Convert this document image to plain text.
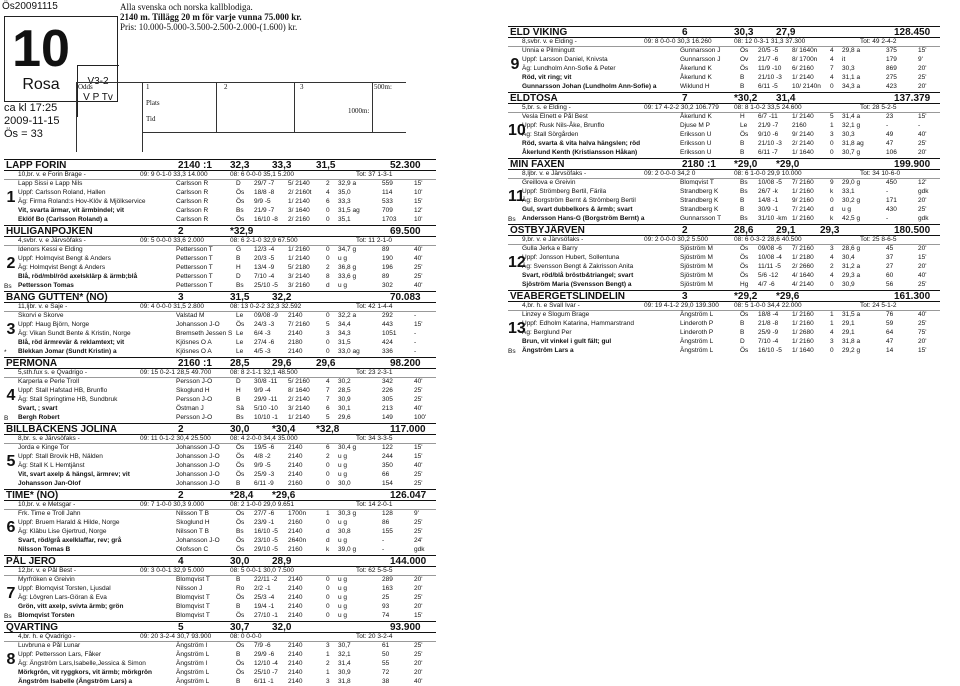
Ös20091115
10
Rosa
V P Tv
ca kl 17:25
2009-11-15
Ös = 33
Alla svenska och norska kallblodiga.
2140 m. Tillägg 20 m för varje vunna 75.000 kr.
Pris: 10.000-5.000-3.500-2.500-2.000-(1.600) kr.
Odds	1	2	3	500m:
Plats
Tid
1000m:
LAPP FORIN	2140 :1 32,3 33,3 31,5	52.300
10,br. v. e Forin Brage -	09: 9 0-1-0 33,3 14.000	08: 6 0-0-0 35,1 5.200	Tot: 37 1-3-1
1
Lapp Sissi e Lapp Nils	Carlsson R	D 29/7 -7 5/ 2140	2 32,9 a	559	15'
Uppf: Carlsson Roland, Hallen	Carlsson R	Ös 18/8 -8 2/ 2160t 4 35,0	114	10'
Äg: Firma Roland:s Hov-Klöv & Mjölkservice	Carlsson R	Ös 9/9 -5	1/ 2140	6 33,3	533	15'
Vit, svarta ärmar, vit ärmbindel; vit	Carlsson R	Bs 21/9 -7 3/ 1640	0 31,5 ag	709	12'
Eklöf Bo (Carlsson Roland) a	Carlsson R	Ös 16/10 -8 2/ 2160	0 35,1	1703	10'
HULIGANPOJKEN	2	*32,9	69.500
4,svbr. v. e Järvsöfaks -	09: 5 0-0-0 33,6 2.000	08: 6 2-1-0 32,9 67.500	Tot: 11 2-1-0
2
Idenors Kessi e Elding	Pettersson T	G 12/3 -4 1/ 2160	0 34,7 g	89	40'
Uppf: Holmqvist Bengt & Anders	Pettersson T	B 20/3 -5 1/ 2140	0 u g	190	40'
Äg: Holmqvist Bengt & Anders	Pettersson T	H 13/4 -9 5/ 2180	2 36,8 g	196	25'
Blå, röd/mbl/röd axelsklärp & ärmb;blå	Pettersson T	D 7/10 -4 3/ 2140	8 33,6 g	89	25'
Pettersson Tomas	Pettersson T	Bs 25/10 -5 3/ 2160	d u g	302	40'
Bs
BANG GUTTEN* (NO)	3	31,5 32,2	70.083
11,ljbr. v. e Saje -	09: 4 0-0-0 31,5 2.800	08: 13 0-2-2 32,3 32.592	Tot: 42 1-4-4
3
Skorvi e Skorve	Valstad M	Le 09/08 -9 2140	0 32,2 a	292	-
Uppf: Haug Björn, Norge	Johansson J-O	Ös 24/3 -3 7/ 2160	5 34,4	443	15'
Äg: Vikan Sundt Bente & Kristin, Norge	Bremseth Jessen S Le 6/4 -3	2140	3 34,3	1051	-
Blå, röd ärmrevär & reklamtext; vit	Kjösnes O A	Le 27/4 -6 2180	0 31,5	424	-
Blekkan Jomar (Sundt Kristin) a	Kjösnes O A	Le 4/5 -3	2140	0 33,0 ag	336	-
*
PERMONA	2160 :1 28,5 29,6 29,6	98.200
5,sth.fux s. e Qvadrigo -	09: 15 0-2-1 28,5 49.700	08: 8 2-1-1 32,1 48.500	Tot: 23 2-3-1
4
Karperla e Perle Troll	Persson J-O	D 30/8 -11 5/ 2160	4 30,2	342	40'
Uppf: Stall Hafstad HB, Brunflo	Skoglund H	H 9/9 -4	8/ 1640	7 28,5	226	25'
Äg: Stall Springtime HB, Sundbruk	Persson J-O	B 29/9 -11 2/ 2140	7 30,9	305	25'
Svart, ; svart	Östman J	Sä 5/10 -10 3/ 2140	6 30,1	213	40'
Bergh Robert	Persson J-O	Bs 10/10 -1 1/ 2140	5 29,6	149	100'
B
BILLBÄCKENS JOLINA	2	30,0 *30,4 *32,8	117.000
8,br. s. e Järvsöfaks -	09: 11 0-1-2 30,4 25.500	08: 4 2-0-0 34,4 35.000	Tot: 34 3-3-5
5
Jorda e Kinge Tor	Johansson J-O	Ös 19/5 -6 2140	6 30,4 g	122	15'
Uppf: Stall Brovik HB, Nälden	Johansson J-O	Ös 4/8 -2	2140	2 u g	244	15'
Äg: Stall K L Hemtjänst	Johansson J-O	Ös 9/9 -5	2140	0 u g	350	40'
Vit, svart axelp & hängsl, ärmrev; vit	Johansson J-O	Ös 25/9 -3 2140	0 u g	66	25'
Johansson Jan-Olof	Johansson J-O	B 6/11 -9 2160	0 30,0	154	25'
TIME* (NO)	2	*28,4 *29,6	126.047
10,br. v. e Metsgar -	09: 7 1-0-0 30,3 9.000	08: 2 1-0-0 29,0 9.651	Tot: 14 2-0-1
6
Frk. Time e Troll Jahn	Nilsson T B	Ös 27/7 -6 1700n	1 30,3 g	128	9'
Uppf: Bruem Harald & Hilde, Norge	Skoglund H	Ös 23/9 -1 2160	0 u g	86	25'
Äg: Kläbu Lise Gjertrud, Norge	Nilsson T B	Bs 16/10 -5 2140	d 30,8	155	25'
Svart, röd/grå axelklaffar, rev; grå	Johansson J-O	Ös 23/10 -5 2640n	d u g	-	24'
Nilsson Tomas B	Olofsson C	Ös 29/10 -5 2160	k 39,0 g	-	gdk
PÅL JERO	4	30,0 28,9	144.000
12,br. v. e Pål Best -	09: 3 0-0-1 32,9 5.000	08: 5 0-0-1 30,0 7.500	Tot: 62 5-5-5
7
Myrfröken e Greivin	Blomqvist T	B 22/11 -2 2140	0 u g	289	20'
Uppf: Blomqvist Torsten, Ljusdal	Nilsson J	Ro 2/2 -1	2140	0 u g	163	20'
Äg: Lövgren Lars-Göran & Eva	Blomqvist T	Ös 25/3 -4 2140	0 u g	25	25'
Grön, vitt axelp, svivta ärmb; grön	Blomqvist T	B 19/4 -1 2140	0 u g	93	20'
Blomqvist Torsten	Blomqvist T	Ös 27/10 -1 2140	0 u g	74	15'
Bs
QVARTING	5	30,7 32,0	93.900
4,br. h. e Qvadrigo -	09: 20 3-2-4 30,7 93.900	08: 0 0-0-0	Tot: 20 3-2-4
8
Luvbruna e Pål Lunar	Ängström I	Ös 7/9 -6	2140	3 30,7	61	25'
Uppf: Pettersson Lars, Fåker	Ängström L	B 29/9 -6 2140	1 32,1	50	25'
Äg: Ängström Lars,Isabelle,Jessica & Simon	Ängström I	Ös 12/10 -4 2140	2 31,4	55	20'
Mörkgrön, vit ryggkors, vit ärmb; mörkgrön	Ängström L	Ös 25/10 -7 2140	1 30,9	72	20'
Ängström Isabelle (Ängström Lars) a	Ängström L	B 6/11 -1 2140	3 31,8	38	40'
ELD VIKING	6	30,3 27,9	128.450
8,svbr. v. e Elding -	09: 8 0-0-0 30,3 16.260	08: 12 0-3-1 31,3 37.300	Tot: 49 2-4-2
9
Unnia e Pilmingutt	Gunnarsson J	Ös 20/5 -5 8/ 1640n 4 29,8 a	375	15'
Uppf: Larsson Daniel, Knivsta	Gunnarsson J	Ov 21/7 -6 8/ 1700n 4 it	179	9'
Äg: Lundholm Ann-Sofie & Peter	Åkerlund K	Ös 11/9 -10 6/ 2160	7 30,3	869	20'
Röd, vit ring; vit	Åkerlund K	B 21/10 -3 1/ 2140	4 31,1 a	275	25'
Gunnarsson Johan (Lundholm Ann-Sofie) a	Wiklund H	B 6/11 -5 10/ 2140n 0 34,3 a	423	20'
ELDTÖSA	7	*30,2 31,4	137.379
5,br. s. e Elding -	09: 17 4-2-2 30,2 106.779 08: 8 1-0-2 33,5 24.600	Tot: 28 5-2-5
10
Vesla Elnett e Pål Best	Åkerlund K	H 6/7 -11 1/ 2140	5 31,4 a	23	15'
Uppf: Rusk Nils-Åke, Brunflo	Djuse M P	Le 21/9 -7 2160	1 32,1 g	-	-
Äg: Stall Sörgården	Eriksson U	Ös 9/10 -6 9/ 2140	3 30,3	49	40'
Röd, svarta & vita halva hängslen; röd	Eriksson U	B 21/10 -3 2/ 2140	0 31,8 ag	47	25'
Åkerlund Kenth (Kristiansson Håkan)	Eriksson U	B 6/11 -7 1/ 1640	0 30,7 g	106	20'
MIN FAXEN	2180 :1 *29,0 *29,0	199.900
8,ljbr. v. e Järvsöfaks -	09: 2 0-0-0 34,2 0	08: 6 1-0-0 29,9 10.000	Tot: 34 10-6-0
11
Greillova e Greivin	Blomqvist T	Bs 10/08 -5 7/ 2160	9 29,0 g	450	12'
Uppf: Strömberg Bertil, Färila	Strandberg K	Bs 26/7 -k 1/ 2160	k 33,1	-	gdk
Äg: Borgström Bernt & Strömberg Bertil	Strandberg K	B 14/8 -1 9/ 2160	0 30,2 g	171	20'
Gul, svart dubbelkors & ärmb; svart	Strandberg K	B 30/9 -1 7/ 2140	d u g	430	25'
Andersson Hans-G (Borgström Bernt) a	Gunnarsson T	Bs 31/10 -km 1/ 2160	k 42,5 g	-	gdk
Bs
ÖSTBYJÄRVEN	2	28,6 29,1 29,3	180.500
9,br. v. e Järvsöfaks -	09: 2 0-0-0 30,2 5.500	08: 6 0-3-2 28,6 40.500	Tot: 25 8-6-5
12
Gulla Jerka e Barry	Sjöström M	Ös 09/08 -6 7/ 2160	3 28,6 g	45	20'
Uppf: Jonsson Hubert, Sollentuna	Sjöström M	Ös 10/08 -4 1/ 2180	4 30,4	37	15'
Äg: Svensson Bengt & Zakrisson Anita	Sjöström M	Ös 11/11 -5 2/ 2660	2 31,2 a	27	20'
Svart, röd/blå bröstb&triangel; svart	Sjöström M	Ös 5/6 -12 4/ 1640	4 29,3 a	60	40'
Sjöström Maria (Svensson Bengt) a	Sjöström M	Hg 4/7 -6	4/ 2140	0 30,9	56	25'
VEABERGETSLINDELIN	3	*29,2 *29,6	161.300
4,br. h. e Svall Ivar -	09: 19 4-1-2 29,0 139.300 08: 5 1-0-0 34,4 22.000	Tot: 24 5-1-2
13
Linzey e Slogum Brage	Ängström L	Ös 18/8 -4 1/ 2160	1 31,5 a	76	40'
Uppf: Edholm Katarina, Hammarstrand	Linderoth P	B 21/8 -8 1/ 2160	1 29,1	59	25'
Äg: Berglund Per	Linderoth P	B 25/9 -9 1/ 2680	4 29,1	64	75'
Brun, vit vinkel i gult fält; gul	Ängström L	D 7/10 -4 1/ 2160	3 31,8 a	47	20'
Ängström Lars a	Ängström L	Ös 16/10 -5 1/ 1640	0 29,2 g	14	15'
Bs
